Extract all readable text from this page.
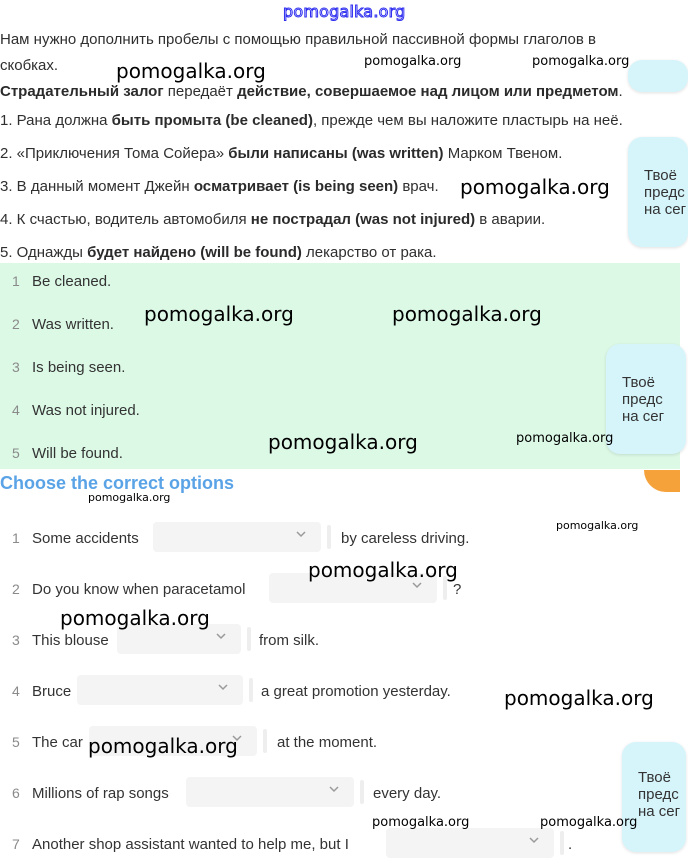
pomogalka.org
Нам нужно дополнить пробелы с помощью правильной пассивной формы глаголов в
скобках.
Страдательный залог передаёт действие, совершаемое над лицом или предметом.
1. Рана должна быть промыта (be cleaned), прежде чем вы наложите пластырь на неё.
2. «Приключения Тома Сойера» были написаны (was written) Марком Твеном.
3. В данный момент Джейн осматривает (is being seen) врач.
4. К счастью, водитель автомобиля не пострадал (was not injured) в аварии.
5. Однажды будет найдено (will be found) лекарство от рака.
1 Be cleaned.
2 Was written.
3 Is being seen.
4 Was not injured.
5 Will be found.
Choose the correct options
1 Some accidents	by careless driving.
2 Do you know when paracetamol	?
3 This blouse	from silk.
4 Bruce	a great promotion yesterday.
5 The car	at the moment.
6 Millions of rap songs	every day.
7 Another shop assistant wanted to help me, but I	.
Твоё
предс
на сег
Твоё
предс
на сег
Твоё
предс
на сег
pomogalka.org	pomogalka.org	pomogalka.org
pomogalka.org
pomogalka.org	pomogalka.org
pomogalka.org	pomogalka.org
pomogalka.org
pomogalka.org
pomogalka.org
pomogalka.org
pomogalka.org
pomogalka.org
pomogalka.org	pomogalka.org
